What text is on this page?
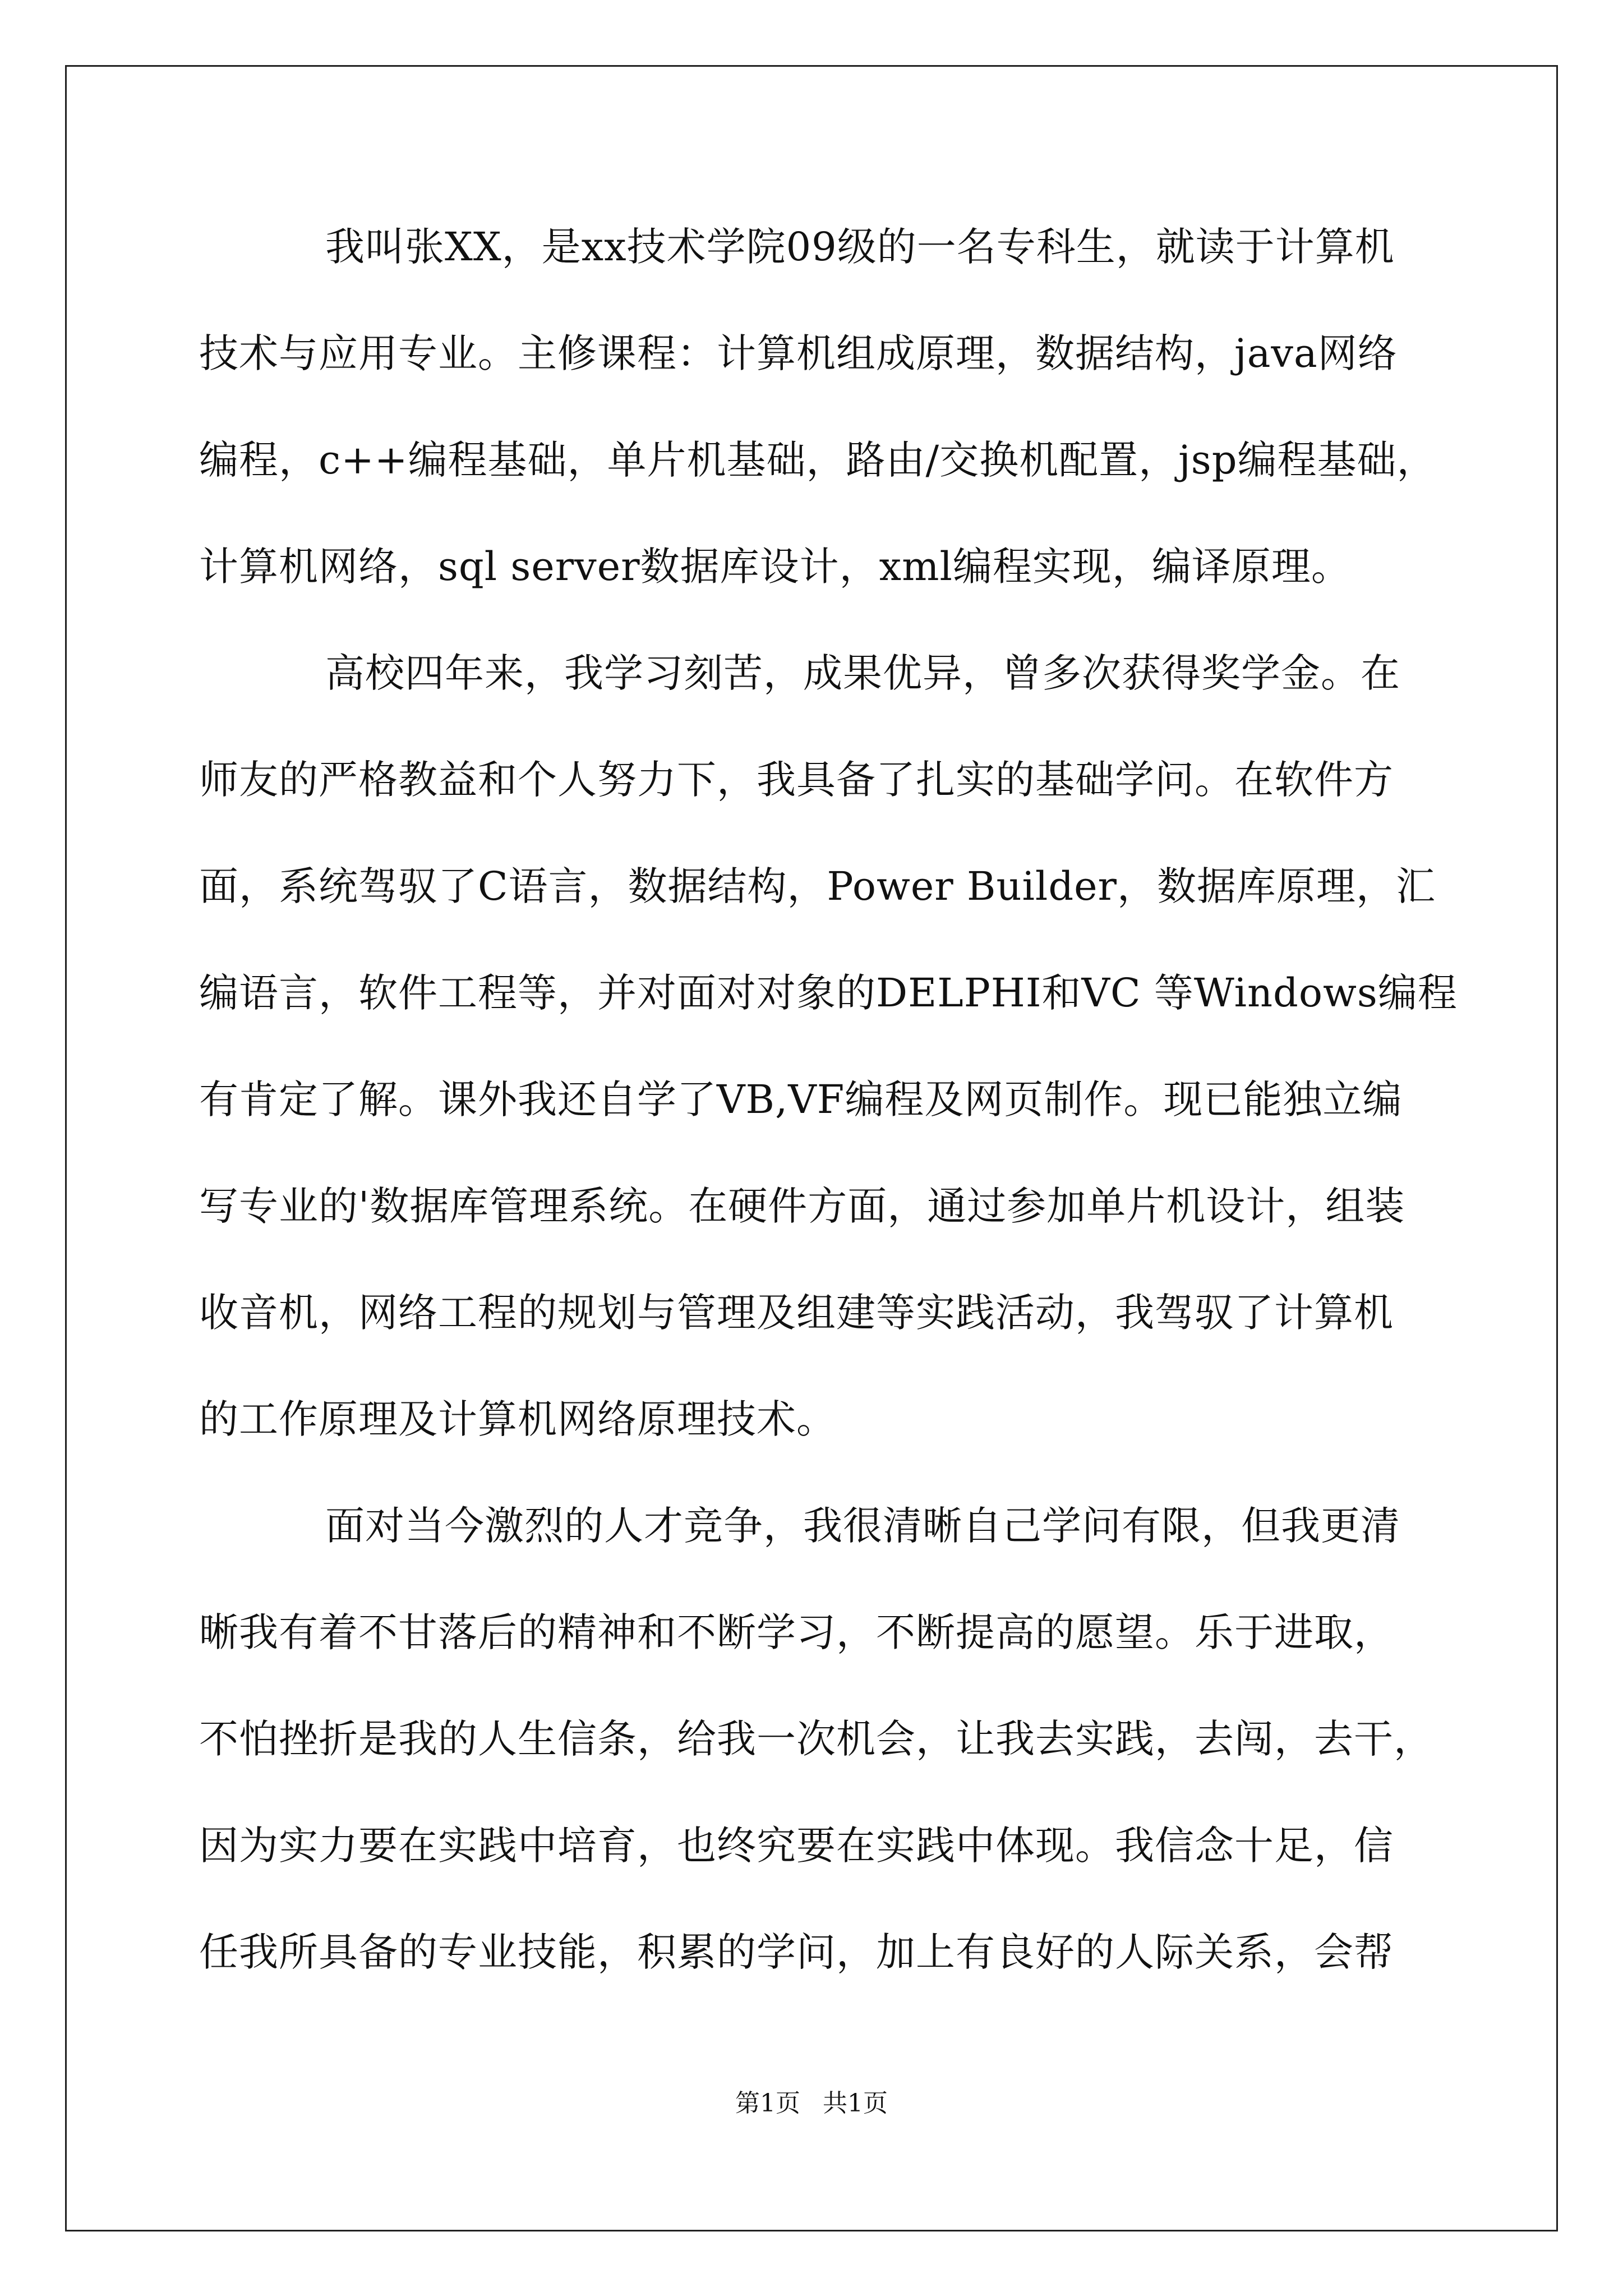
我叫张XX，是xx技术学院09级的一名专科生，就读于计算机
技术与应用专业。主修课程：计算机组成原理，数据结构，java网络
编程，c++编程基础，单片机基础，路由/交换机配置，jsp编程基础，
计算机网络，sql server数据库设计，xml编程实现，编译原理。
高校四年来，我学习刻苦，成果优异，曾多次获得奖学金。在
师友的严格教益和个人努力下，我具备了扎实的基础学问。在软件方
面，系统驾驭了C语言，数据结构，Power Builder，数据库原理，汇
编语言，软件工程等，并对面对对象的DELPHI和VC 等Windows编程
有肯定了解。课外我还自学了VB,VF编程及网页制作。现已能独立编
写专业的'数据库管理系统。在硬件方面，通过参加单片机设计，组装
收音机，网络工程的规划与管理及组建等实践活动，我驾驭了计算机
的工作原理及计算机网络原理技术。
面对当今激烈的人才竞争，我很清晰自己学问有限，但我更清
晰我有着不甘落后的精神和不断学习，不断提高的愿望。乐于进取，
不怕挫折是我的人生信条，给我一次机会，让我去实践，去闯，去干，
因为实力要在实践中培育，也终究要在实践中体现。我信念十足，信
任我所具备的专业技能，积累的学问，加上有良好的人际关系，会帮
第1页 共1页
